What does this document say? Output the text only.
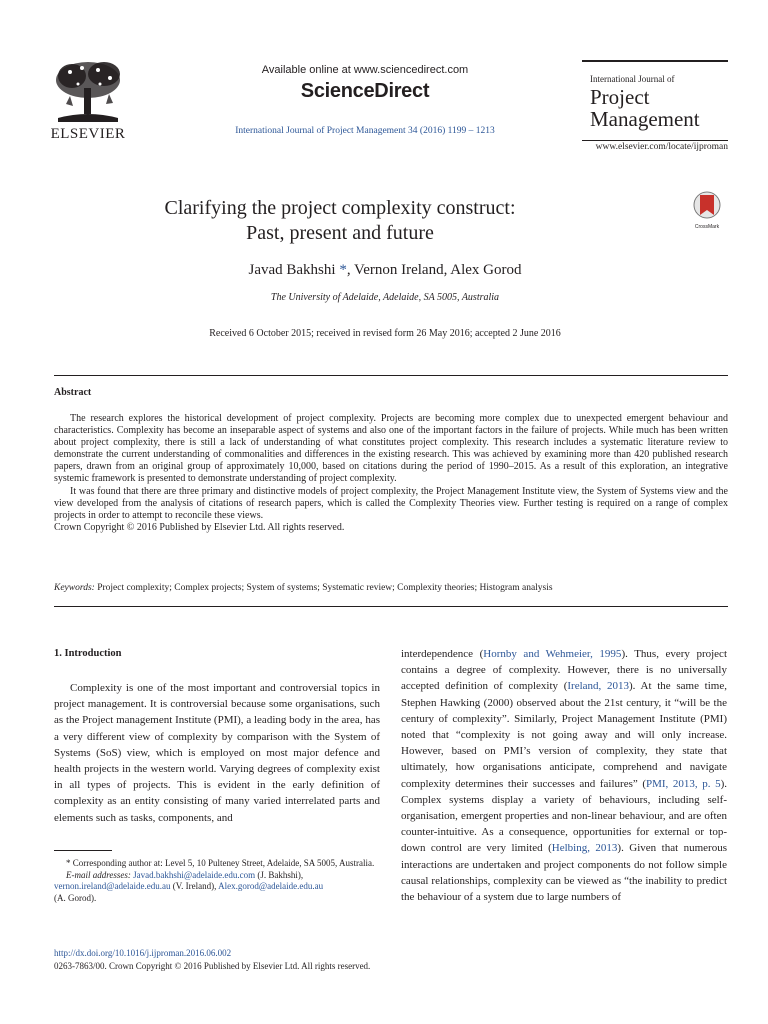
ELSEVIER
Available online at www.sciencedirect.com
ScienceDirect
International Journal of Project Management 34 (2016) 1199 – 1213
International Journal of
Project
Management
www.elsevier.com/locate/ijproman
Clarifying the project complexity construct:
Past, present and future	CrossMark
Javad Bakhshi *, Vernon Ireland, Alex Gorod
The University of Adelaide, Adelaide, SA 5005, Australia
Received 6 October 2015; received in revised form 26 May 2016; accepted 2 June 2016
Abstract

The research explores the historical development of project complexity. Projects are becoming more complex due to unexpected emergent behaviour and characteristics. Complexity has become an inseparable aspect of systems and also one of the important factors in the failure of projects. While much has been written about project complexity, there is still a lack of understanding of what constitutes project complexity. This research includes a systematic literature review to demonstrate the current understanding of commonalities and differences in the existing research. This was achieved by examining more than 420 published research papers, drawn from an original group of approximately 10,000, based on citations during the period of 1990–2015. As a result of this exploration, an integrative systemic framework is presented to demonstrate understanding of project complexity.

It was found that there are three primary and distinctive models of project complexity, the Project Management Institute view, the System of Systems view and the view developed from the analysis of citations of research papers, which is called the Complexity Theories view. Further testing is required on a range of complex projects in order to attempt to reconcile these views.

Crown Copyright © 2016 Published by Elsevier Ltd. All rights reserved.

Keywords: Project complexity; Complex projects; System of systems; Systematic review; Complexity theories; Histogram analysis
1. Introduction

Complexity is one of the most important and controversial topics in project management. It is controversial because some organisations, such as the Project management Institute (PMI), a leading body in the area, has a very different view of complexity by comparison with the System of Systems (SoS) view, which is employed on most major defence and health projects in the western world. Varying degrees of complexity exist in all types of projects. This is evident in the early definition of complexity as an entity consisting of many varied interrelated parts and elements such as tasks, components, and

interdependence (Hornby and Wehmeier, 1995). Thus, every project contains a degree of complexity. However, there is no universally accepted definition of complexity (Ireland, 2013). At the same time, Stephen Hawking (2000) observed about the 21st century, it “will be the century of complexity”. Similarly, Project Management Institute (PMI) noted that “complexity is not going away and will only increase. However, based on PMI’s version of complexity, they state that ultimately, how organisations anticipate, comprehend and navigate complexity determines their successes and failures” (PMI, 2013, p. 5). Complex systems display a variety of behaviours, including self-organisation, emergent properties and non-linear behaviour, and are often counter-intuitive. As a consequence, opportunities for external or top-down control are very limited (Helbing, 2013). Given that numerous interactions are undertaken and project components do not follow simple causal relationships, complexity can be viewed as “the inability to predict the behaviour of a system due to large numbers of
* Corresponding author at: Level 5, 10 Pulteney Street, Adelaide, SA 5005, Australia.
E-mail addresses: Javad.bakhshi@adelaide.edu.com (J. Bakhshi),
vernon.ireland@adelaide.edu.au (V. Ireland), Alex.gorod@adelaide.edu.au
(A. Gorod).
http://dx.doi.org/10.1016/j.ijproman.2016.06.002
0263-7863/00. Crown Copyright © 2016 Published by Elsevier Ltd. All rights reserved.
